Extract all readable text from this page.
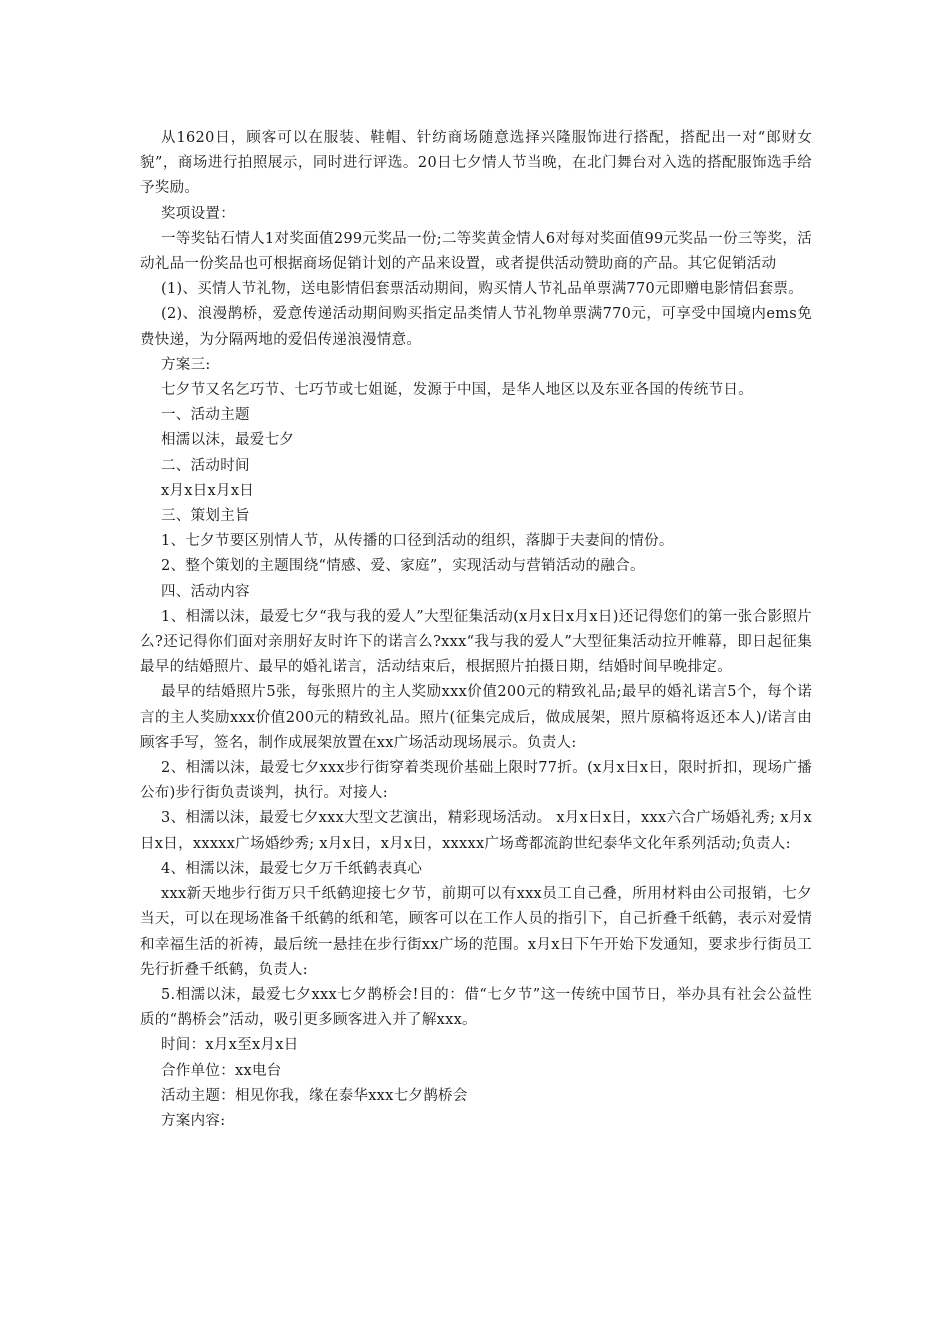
从1620日，顾客可以在服装、鞋帽、针纺商场随意选择兴隆服饰进行搭配，搭配出一对“郎财女貌”，商场进行拍照展示，同时进行评选。20日七夕情人节当晚，在北门舞台对入选的搭配服饰选手给予奖励。

奖项设置：

一等奖钻石情人1对奖面值299元奖品一份;二等奖黄金情人6对每对奖面值99元奖品一份三等奖，活动礼品一份奖品也可根据商场促销计划的产品来设置，或者提供活动赞助商的产品。其它促销活动

(1)、买情人节礼物，送电影情侣套票活动期间，购买情人节礼品单票满770元即赠电影情侣套票。

(2)、浪漫鹊桥，爱意传递活动期间购买指定品类情人节礼物单票满770元，可享受中国境内ems免费快递，为分隔两地的爱侣传递浪漫情意。

方案三:

七夕节又名乞巧节、七巧节或七姐诞，发源于中国，是华人地区以及东亚各国的传统节日。

一、活动主题

相濡以沫，最爱七夕

二、活动时间

x月x日x月x日

三、策划主旨

1、七夕节要区别情人节，从传播的口径到活动的组织，落脚于夫妻间的情份。

2、整个策划的主题围绕“情感、爱、家庭”，实现活动与营销活动的融合。

四、活动内容

1、相濡以沫，最爱七夕“我与我的爱人”大型征集活动(x月x日x月x日)还记得您们的第一张合影照片么?还记得你们面对亲朋好友时许下的诺言么?xxx“我与我的爱人”大型征集活动拉开帷幕，即日起征集最早的结婚照片、最早的婚礼诺言，活动结束后，根据照片拍摄日期，结婚时间早晚排定。

最早的结婚照片5张，每张照片的主人奖励xxx价值200元的精致礼品;最早的婚礼诺言5个，每个诺言的主人奖励xxx价值200元的精致礼品。照片(征集完成后，做成展架，照片原稿将返还本人)/诺言由顾客手写，签名，制作成展架放置在xx广场活动现场展示。负责人:

2、相濡以沫，最爱七夕xxx步行街穿着类现价基础上限时77折。(x月x日x日，限时折扣，现场广播公布)步行街负责谈判，执行。对接人:

3、相濡以沫，最爱七夕xxx大型文艺演出，精彩现场活动。 x月x日x日，xxx六合广场婚礼秀; x月x日x日，xxxxx广场婚纱秀; x月x日，x月x日，xxxxx广场鸢都流韵世纪泰华文化年系列活动;负责人:

4、相濡以沫，最爱七夕万千纸鹤表真心

xxx新天地步行街万只千纸鹤迎接七夕节，前期可以有xxx员工自己叠，所用材料由公司报销，七夕当天，可以在现场准备千纸鹤的纸和笔，顾客可以在工作人员的指引下，自己折叠千纸鹤，表示对爱情和幸福生活的祈祷，最后统一悬挂在步行街xx广场的范围。x月x日下午开始下发通知，要求步行街员工先行折叠千纸鹤，负责人:

5.相濡以沫，最爱七夕xxx七夕鹊桥会!目的：借“七夕节”这一传统中国节日，举办具有社会公益性质的“鹊桥会”活动，吸引更多顾客进入并了解xxx。

时间：x月x至x月x日

合作单位：xx电台

活动主题：相见你我，缘在泰华xxx七夕鹊桥会

方案内容:
